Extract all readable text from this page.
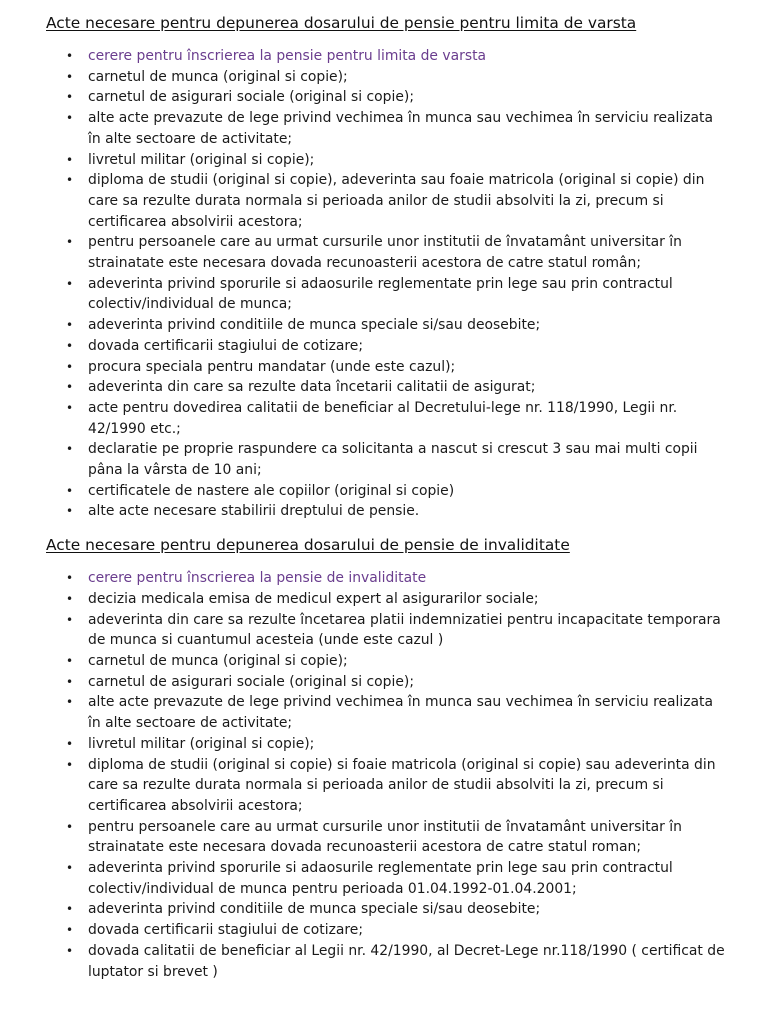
Acte necesare pentru depunerea dosarului de pensie pentru limita de varsta
• cerere pentru înscrierea la pensie pentru limita de varsta
• carnetul de munca (original si copie);
• carnetul de asigurari sociale (original si copie);
• alte acte prevazute de lege privind vechimea în munca sau vechimea în serviciu realizata în alte sectoare de activitate;
• livretul militar (original si copie);
• diploma de studii (original si copie), adeverinta sau foaie matricola (original si copie) din care sa rezulte durata normala si perioada anilor de studii absolviti la zi, precum si certificarea absolvirii acestora;
• pentru persoanele care au urmat cursurile unor institutii de învatamânt universitar în strainatate este necesara dovada recunoasterii acestora de catre statul român;
• adeverinta privind sporurile si adaosurile reglementate prin lege sau prin contractul colectiv/individual de munca;
• adeverinta privind conditiile de munca speciale si/sau deosebite;
• dovada certificarii stagiului de cotizare;
• procura speciala pentru mandatar (unde este cazul);
• adeverinta din care sa rezulte data încetarii calitatii de asigurat;
• acte pentru dovedirea calitatii de beneficiar al Decretului-lege nr. 118/1990, Legii nr. 42/1990 etc.;
• declaratie pe proprie raspundere ca solicitanta a nascut si crescut 3 sau mai multi copii pâna la vârsta de 10 ani;
• certificatele de nastere ale copiilor (original si copie)
• alte acte necesare stabilirii dreptului de pensie.
Acte necesare pentru depunerea dosarului de pensie de invaliditate
• cerere pentru înscrierea la pensie de invaliditate
• decizia medicala emisa de medicul expert al asigurarilor sociale;
• adeverinta din care sa rezulte încetarea platii indemnizatiei pentru incapacitate temporara de munca si cuantumul acesteia (unde este cazul )
• carnetul de munca (original si copie);
• carnetul de asigurari sociale (original si copie);
• alte acte prevazute de lege privind vechimea în munca sau vechimea în serviciu realizata în alte sectoare de activitate;
• livretul militar (original si copie);
• diploma de studii (original si copie) si foaie matricola (original si copie) sau adeverinta din care sa rezulte durata normala si perioada anilor de studii absolviti la zi, precum si certificarea absolvirii acestora;
• pentru persoanele care au urmat cursurile unor institutii de învatamânt universitar în strainatate este necesara dovada recunoasterii acestora de catre statul roman;
• adeverinta privind sporurile si adaosurile reglementate prin lege sau prin contractul colectiv/individual de munca pentru perioada 01.04.1992-01.04.2001;
• adeverinta privind conditiile de munca speciale si/sau deosebite;
• dovada certificarii stagiului de cotizare;
• dovada calitatii de beneficiar al Legii nr. 42/1990, al Decret-Lege nr.118/1990 ( certificat de luptator si brevet )
